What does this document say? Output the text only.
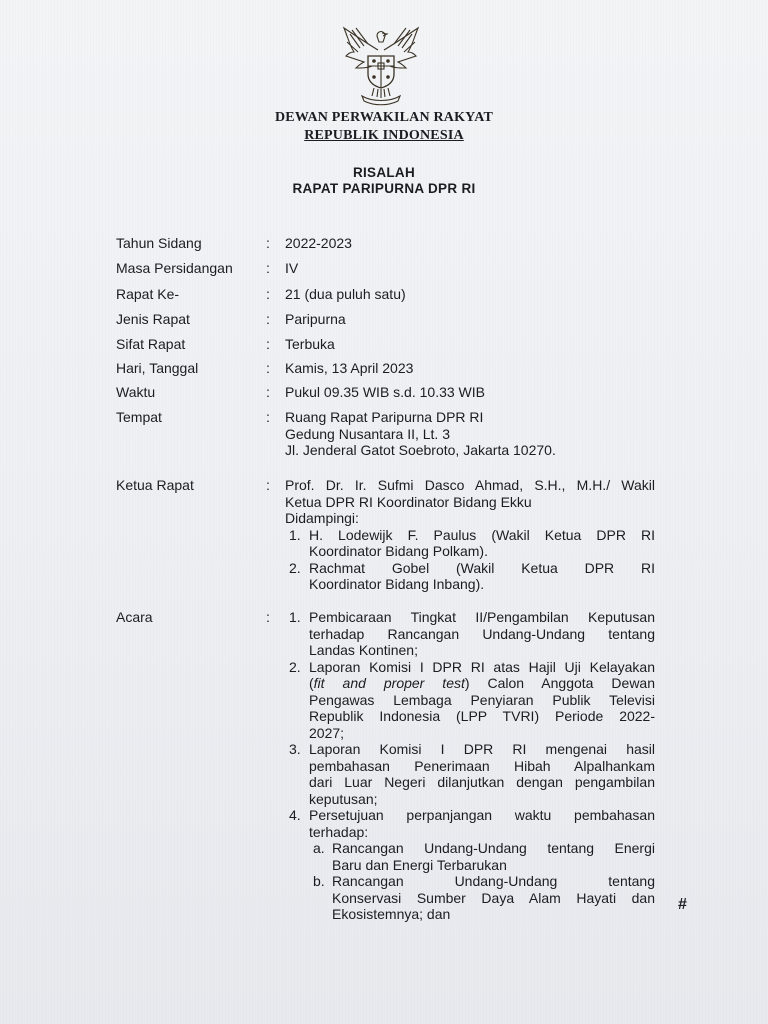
DEWAN PERWAKILAN RAKYAT
REPUBLIK INDONESIA
RISALAH
RAPAT PARIPURNA DPR RI
Tahun Sidang	: 2022-2023
Masa Persidangan : IV
Rapat Ke-	: 21 (dua puluh satu)
Jenis Rapat	: Paripurna
Sifat Rapat	: Terbuka
Hari, Tanggal	: Kamis, 13 April 2023
Waktu	: Pukul 09.35 WIB s.d. 10.33 WIB
Tempat	: Ruang Rapat Paripurna DPR RI
Gedung Nusantara II, Lt. 3
Jl. Jenderal Gatot Soebroto, Jakarta 10270.
Ketua Rapat	: Prof. Dr. Ir. Sufmi Dasco Ahmad, S.H., M.H./ Wakil
Ketua DPR RI Koordinator Bidang Ekku
Didampingi:
1. H. Lodewijk F. Paulus (Wakil Ketua DPR RI
Koordinator Bidang Polkam).
2. Rachmat Gobel (Wakil Ketua DPR RI
Koordinator Bidang Inbang).
Acara	: 1. Pembicaraan Tingkat II/Pengambilan Keputusan
terhadap Rancangan Undang-Undang tentang
Landas Kontinen;
2. Laporan Komisi I DPR RI atas Hajil Uji Kelayakan
(fit and proper test) Calon Anggota Dewan
Pengawas Lembaga Penyiaran Publik Televisi
Republik Indonesia (LPP TVRI) Periode 2022-
2027;
3. Laporan Komisi I DPR RI mengenai hasil
pembahasan Penerimaan Hibah Alpalhankam
dari Luar Negeri dilanjutkan dengan pengambilan
keputusan;
4. Persetujuan perpanjangan waktu pembahasan
terhadap:
a. Rancangan Undang-Undang tentang Energi
Baru dan Energi Terbarukan
b. Rancangan Undang-Undang tentang
Konservasi Sumber Daya Alam Hayati dan
Ekosistemnya; dan
#
